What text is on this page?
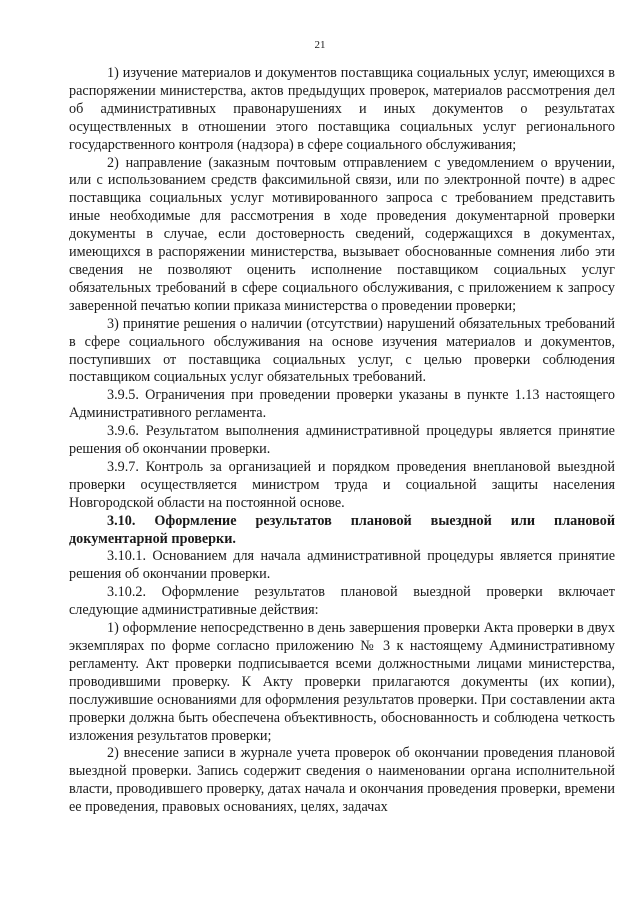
21

1) изучение материалов и документов поставщика социальных услуг, имеющихся в распоряжении министерства, актов предыдущих проверок, материалов рассмотрения дел об административных правонарушениях и иных документов о результатах осуществленных в отношении этого поставщика социальных услуг регионального государственного контроля (надзора) в сфере социального обслуживания;

2) направление (заказным почтовым отправлением с уведомлением о вручении, или с использованием средств факсимильной связи, или по электронной почте) в адрес поставщика социальных услуг мотивированного запроса с требованием представить иные необходимые для рассмотрения в ходе проведения документарной проверки документы в случае, если достоверность сведений, содержащихся в документах, имеющихся в распоряжении министерства, вызывает обоснованные сомнения либо эти сведения не позволяют оценить исполнение поставщиком социальных услуг обязательных требований в сфере социального обслуживания, с приложением к запросу заверенной печатью копии приказа министерства о проведении проверки;

3) принятие решения о наличии (отсутствии) нарушений обязательных требований в сфере социального обслуживания на основе изучения материалов и документов, поступивших от поставщика социальных услуг, с целью проверки соблюдения поставщиком социальных услуг обязательных требований.

3.9.5. Ограничения при проведении проверки указаны в пункте 1.13 настоящего Административного регламента.

3.9.6. Результатом выполнения административной процедуры является принятие решения об окончании проверки.

3.9.7. Контроль за организацией и порядком проведения внеплановой выездной проверки осуществляется министром труда и социальной защиты населения Новгородской области на постоянной основе.

3.10. Оформление результатов плановой выездной или плановой документарной проверки.

3.10.1. Основанием для начала административной процедуры является принятие решения об окончании проверки.

3.10.2. Оформление результатов плановой выездной проверки включает следующие административные действия:

1) оформление непосредственно в день завершения проверки Акта проверки в двух экземплярах по форме согласно приложению № 3 к настоящему Административному регламенту. Акт проверки подписывается всеми должностными лицами министерства, проводившими проверку. К Акту проверки прилагаются документы (их копии), послужившие основаниями для оформления результатов проверки. При составлении акта проверки должна быть обеспечена объективность, обоснованность и соблюдена четкость изложения результатов проверки;

2) внесение записи в журнале учета проверок об окончании проведения плановой выездной проверки. Запись содержит сведения о наименовании органа исполнительной власти, проводившего проверку, датах начала и окончания проведения проверки, времени ее проведения, правовых основаниях, целях, задачах
